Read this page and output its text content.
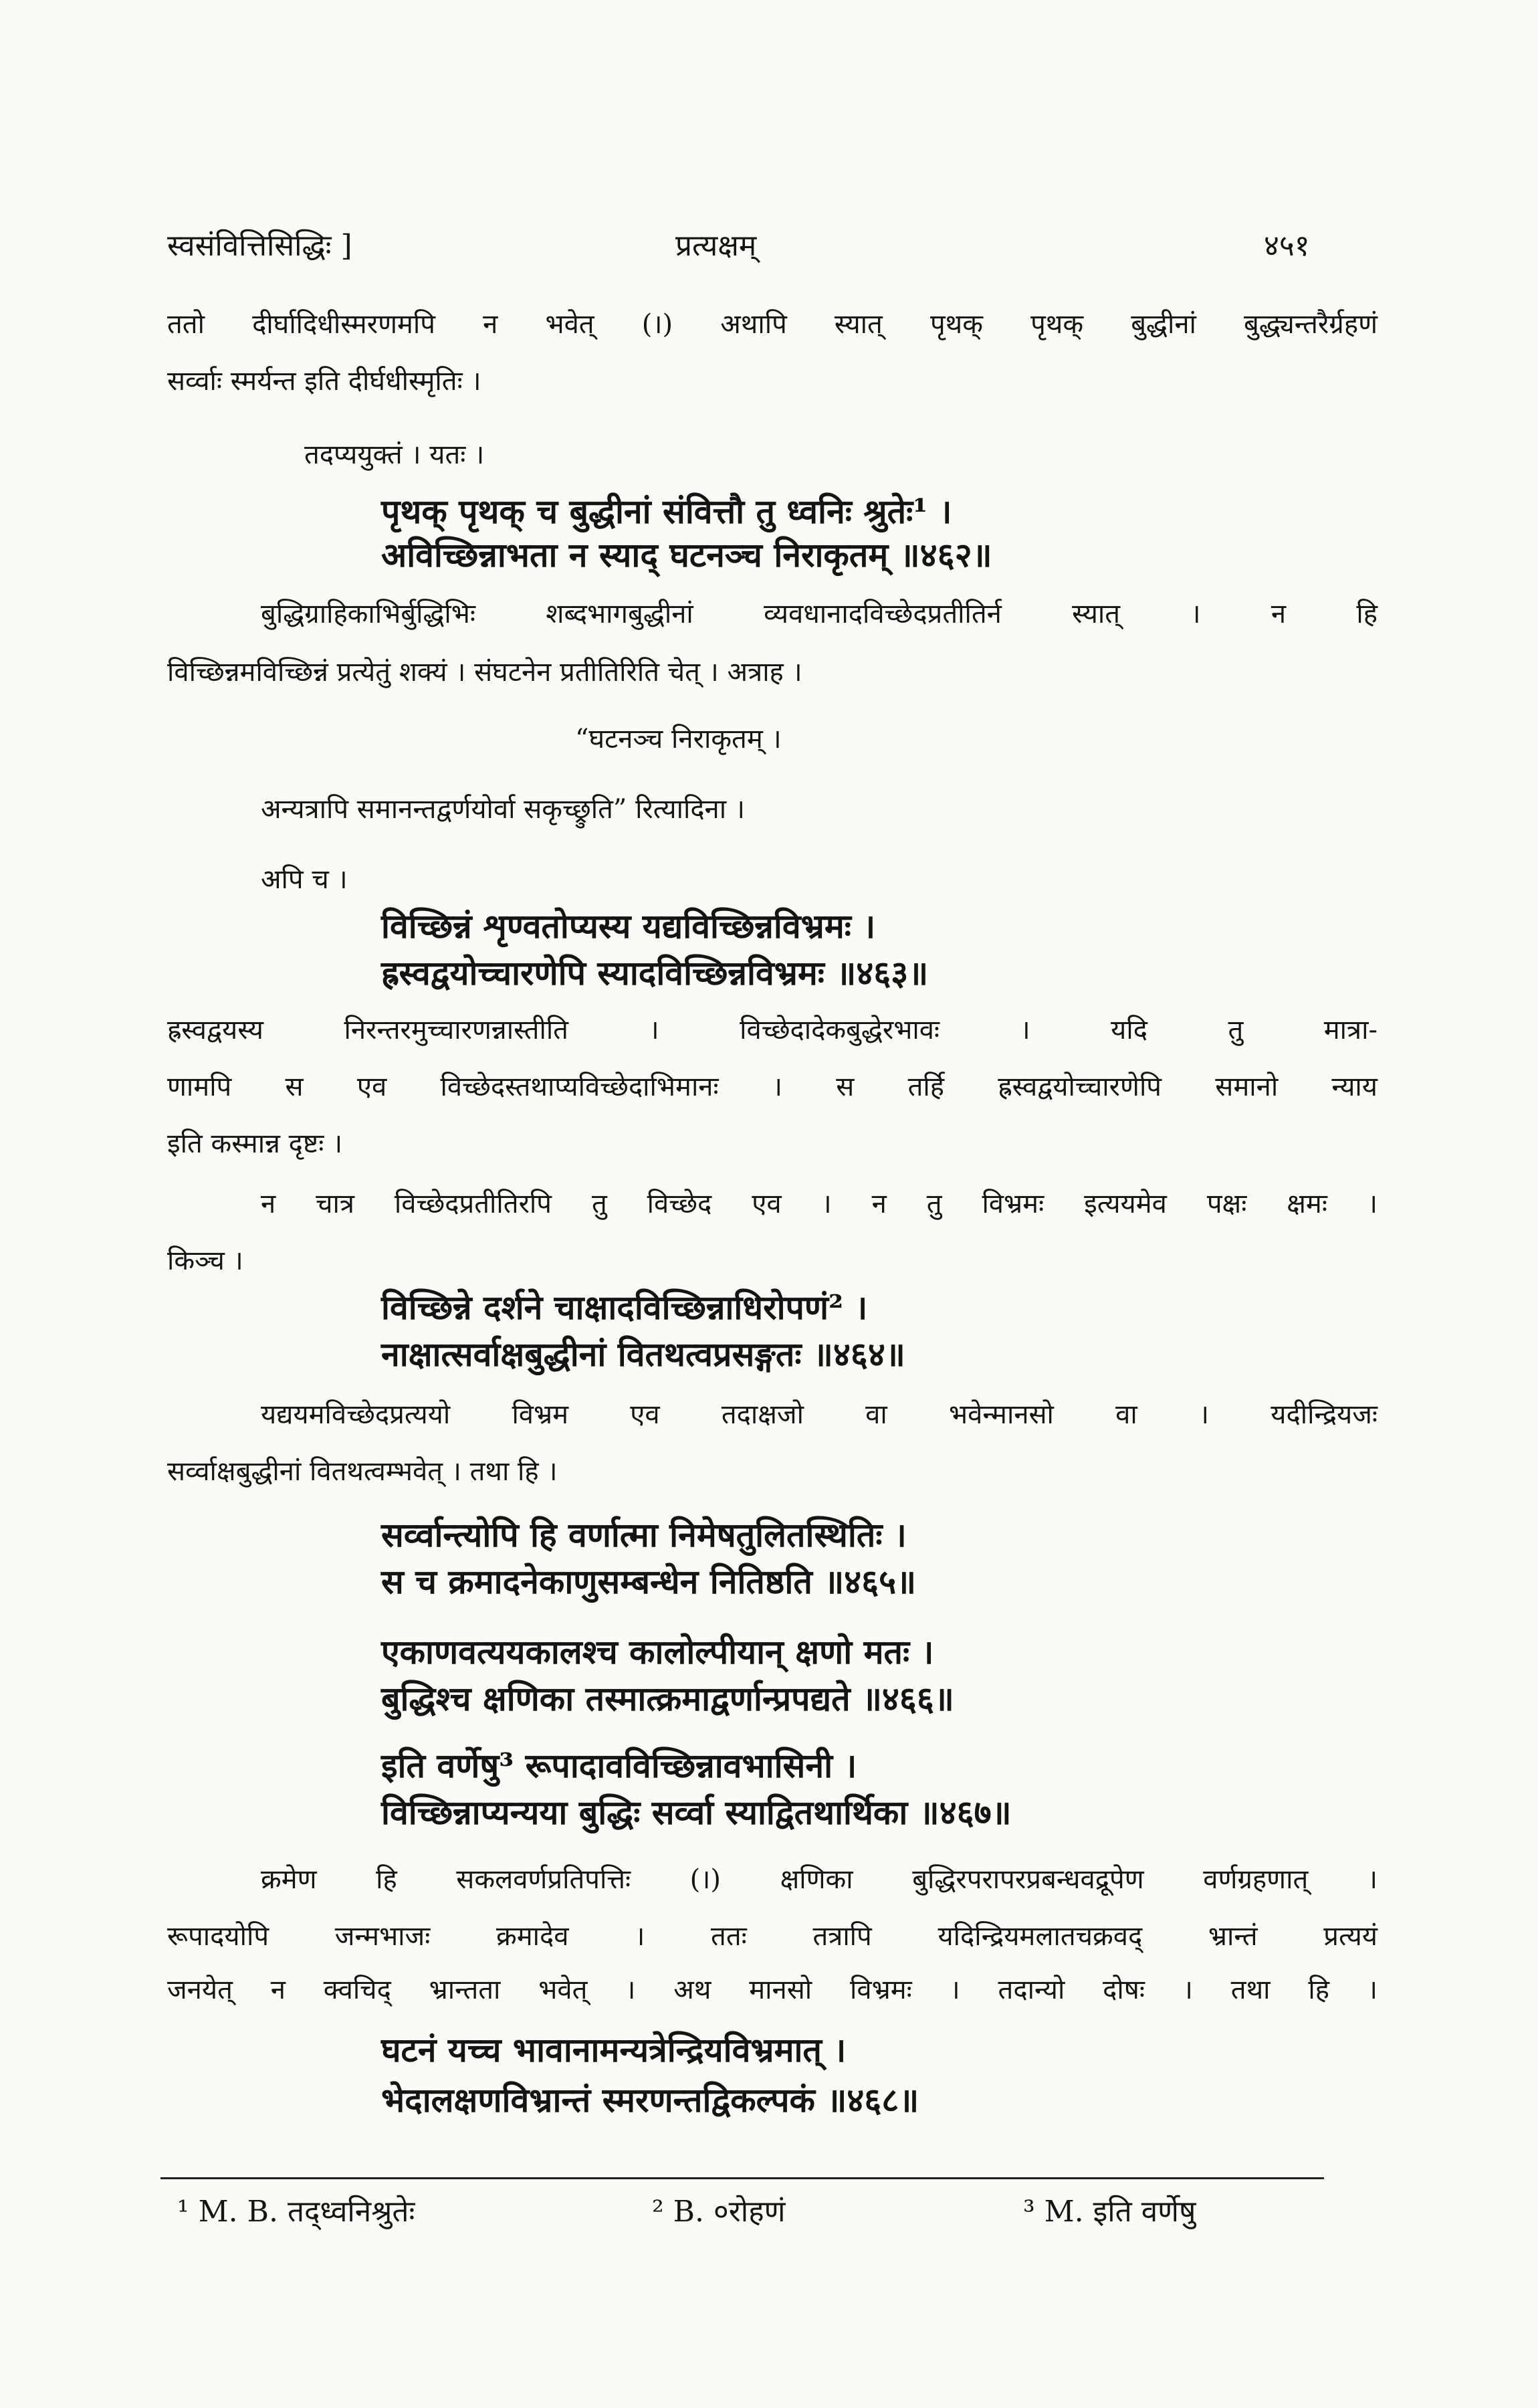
स्वसंवित्तिसिद्धिः ]	प्रत्यक्षम्	४५१
ततो दीर्घादिधीस्मरणमपि न भवेत् (।) अथापि स्यात् पृथक् पृथक् बुद्धीनां बुद्ध्यन्तरैर्ग्रहणं
सर्व्वाः स्मर्यन्त इति दीर्घधीस्मृतिः ।
तदप्ययुक्तं । यतः ।
पृथक् पृथक् च बुद्धीनां संवित्तौ तु ध्वनिः श्रुतेः¹ ।
अविच्छिन्नाभता न स्याद् घटनञ्च निराकृतम् ॥४६२॥
बुद्धिग्राहिकाभिर्बुद्धिभिः शब्दभागबुद्धीनां व्यवधानादविच्छेदप्रतीतिर्न स्यात् । न हि
विच्छिन्नमविच्छिन्नं प्रत्येतुं शक्यं । संघटनेन प्रतीतिरिति चेत् । अत्राह ।
“घटनञ्च निराकृतम् ।
अन्यत्रापि समानन्तद्वर्णयोर्वा सकृच्छ्रुति” रित्यादिना ।
अपि च ।
विच्छिन्नं शृण्वतोप्यस्य यद्यविच्छिन्नविभ्रमः ।
ह्रस्वद्वयोच्चारणेपि स्यादविच्छिन्नविभ्रमः ॥४६३॥
ह्रस्वद्वयस्य निरन्तरमुच्चारणन्नास्तीति । विच्छेदादेकबुद्धेरभावः । यदि तु मात्रा-
णामपि स एव विच्छेदस्तथाप्यविच्छेदाभिमानः । स तर्हि ह्रस्वद्वयोच्चारणेपि समानो न्याय
इति कस्मान्न दृष्टः ।
न चात्र विच्छेदप्रतीतिरपि तु विच्छेद एव । न तु विभ्रमः इत्ययमेव पक्षः क्षमः ।
किञ्च ।
विच्छिन्ने दर्शने चाक्षादविच्छिन्नाधिरोपणं² ।
नाक्षात्सर्वाक्षबुद्धीनां वितथत्वप्रसङ्गतः ॥४६४॥
यद्ययमविच्छेदप्रत्ययो विभ्रम एव तदाक्षजो वा भवेन्मानसो वा । यदीन्द्रियजः
सर्व्वाक्षबुद्धीनां वितथत्वम्भवेत् । तथा हि ।
सर्व्वान्त्योपि हि वर्णात्मा निमेषतुलितस्थितिः ।
स च क्रमादनेकाणुसम्बन्धेन नितिष्ठति ॥४६५॥
एकाणवत्ययकालश्च कालोल्पीयान् क्षणो मतः ।
बुद्धिश्च क्षणिका तस्मात्क्रमाद्वर्णान्प्रपद्यते ॥४६६॥
इति वर्णेषु³ रूपादावविच्छिन्नावभासिनी ।
विच्छिन्नाप्यन्यया बुद्धिः सर्व्वा स्याद्वितथार्थिका ॥४६७॥
क्रमेण हि सकलवर्णप्रतिपत्तिः (।) क्षणिका बुद्धिरपरापरप्रबन्धवद्रूपेण वर्णग्रहणात् ।
रूपादयोपि जन्मभाजः क्रमादेव । ततः तत्रापि यदिन्द्रियमलातचक्रवद् भ्रान्तं प्रत्ययं
जनयेत् न क्वचिद् भ्रान्तता भवेत् । अथ मानसो विभ्रमः । तदान्यो दोषः । तथा हि ।
घटनं यच्च भावानामन्यत्रेन्द्रियविभ्रमात् ।
भेदालक्षणविभ्रान्तं स्मरणन्तद्विकल्पकं ॥४६८॥
¹ M. B. तद्ध्वनिश्रुतेः	² B. ०रोहणं	³ M. इति वर्णेषु
